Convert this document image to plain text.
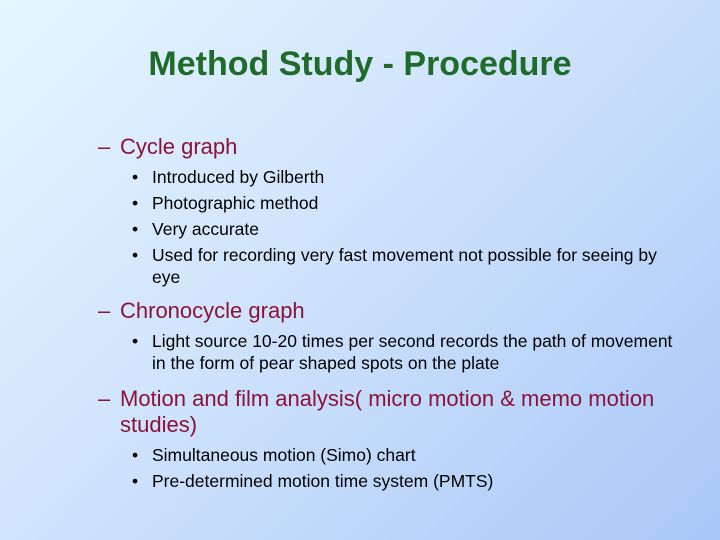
Method Study - Procedure
– Cycle graph
• Introduced by Gilberth
• Photographic method
• Very accurate
• Used for recording very fast movement not possible for seeing by eye
– Chronocycle graph
• Light source 10-20 times per second records the path of movement in the form of pear shaped spots on the plate
– Motion and film analysis( micro motion & memo motion studies)
• Simultaneous motion (Simo) chart
• Pre-determined motion time system (PMTS)
